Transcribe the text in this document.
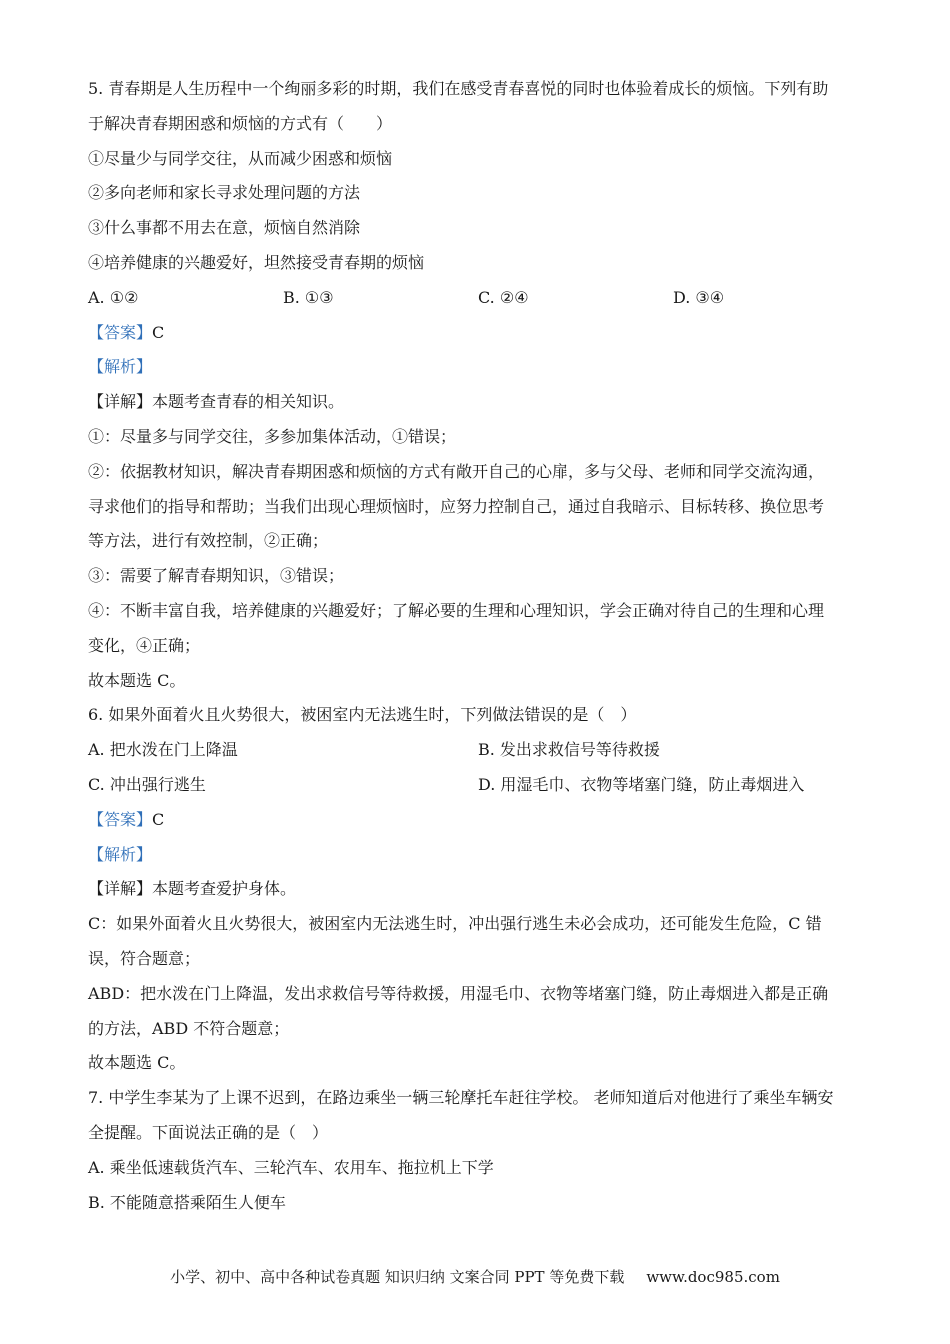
5. 青春期是人生历程中一个绚丽多彩的时期，我们在感受青春喜悦的同时也体验着成长的烦恼。下列有助
于解决青春期困惑和烦恼的方式有（　　）
①尽量少与同学交往，从而减少困惑和烦恼
②多向老师和家长寻求处理问题的方法
③什么事都不用去在意，烦恼自然消除
④培养健康的兴趣爱好，坦然接受青春期的烦恼
A. ①②	B. ①③	C. ②④	D. ③④
【答案】C
【解析】
【详解】本题考查青春的相关知识。
①：尽量多与同学交往，多参加集体活动，①错误；
②：依据教材知识，解决青春期困惑和烦恼的方式有敞开自己的心扉，多与父母、老师和同学交流沟通，
寻求他们的指导和帮助；当我们出现心理烦恼时，应努力控制自己，通过自我暗示、目标转移、换位思考
等方法，进行有效控制，②正确；
③：需要了解青春期知识，③错误；
④：不断丰富自我，培养健康的兴趣爱好；了解必要的生理和心理知识，学会正确对待自己的生理和心理
变化，④正确；
故本题选 C。
6. 如果外面着火且火势很大，被困室内无法逃生时，下列做法错误的是（　）
A. 把水泼在门上降温	B. 发出求救信号等待救援
C. 冲出强行逃生	D. 用湿毛巾、衣物等堵塞门缝，防止毒烟进入
【答案】C
【解析】
【详解】本题考查爱护身体。
C：如果外面着火且火势很大，被困室内无法逃生时，冲出强行逃生未必会成功，还可能发生危险，C 错
误，符合题意；
ABD：把水泼在门上降温，发出求救信号等待救援，用湿毛巾、衣物等堵塞门缝，防止毒烟进入都是正确
的方法，ABD 不符合题意；
故本题选 C。
7. 中学生李某为了上课不迟到，在路边乘坐一辆三轮摩托车赶往学校。 老师知道后对他进行了乘坐车辆安
全提醒。下面说法正确的是（　）
A. 乘坐低速载货汽车、三轮汽车、农用车、拖拉机上下学
B. 不能随意搭乘陌生人便车
小学、初中、高中各种试卷真题 知识归纳 文案合同 PPT 等免费下载 www.doc985.com
